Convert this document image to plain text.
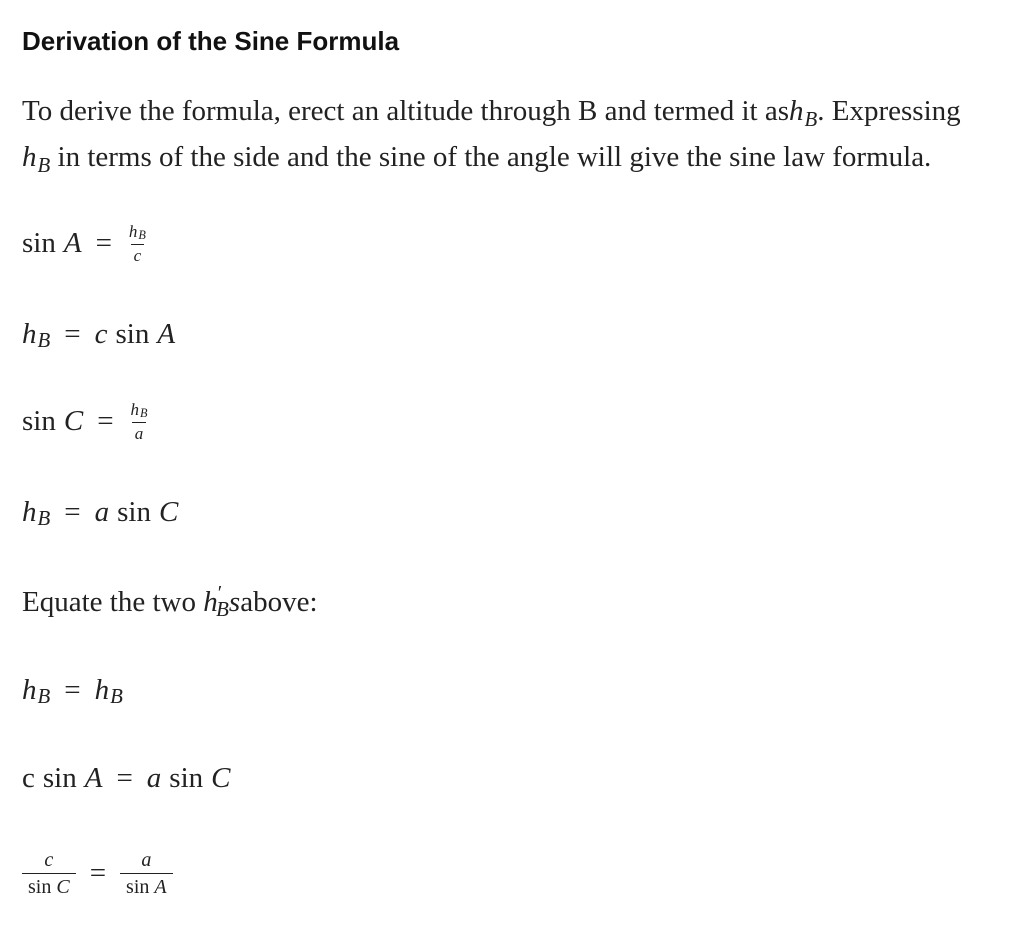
Derivation of the Sine Formula
To derive the formula, erect an altitude through B and termed it ash$_B$. Expressing
$h_B$ in terms of the side and the sine of the angle will give the sine law formula.
$\sin A = \frac{hB}{c}$
h B = c sin A
$\sin C = \frac{hB}{a}$
h B = a sin C
Equate the two h ′
B s above:
h B = h B
c sin A = a sin C
$\frac{c}{\text{sin C}} = \frac{a}{\text{sin A}}$
